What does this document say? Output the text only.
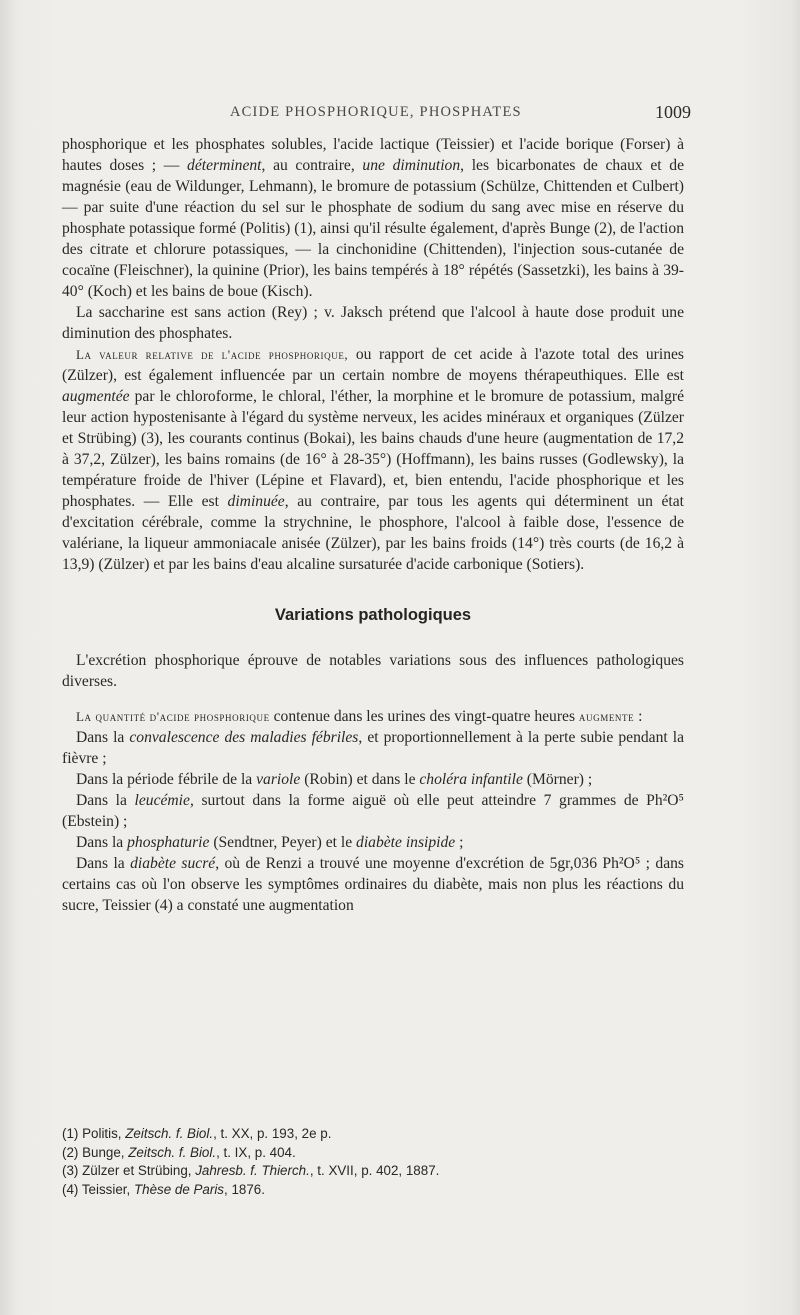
ACIDE PHOSPHORIQUE, PHOSPHATES	1009

phosphorique et les phosphates solubles, l'acide lactique (Teissier) et l'acide borique (Forser) à hautes doses ; — déterminent, au contraire, une diminution, les bicarbonates de chaux et de magnésie (eau de Wildunger, Lehmann), le bromure de potassium (Schülze, Chittenden et Culbert) — par suite d'une réaction du sel sur le phosphate de sodium du sang avec mise en réserve du phosphate potassique formé (Politis) (1), ainsi qu'il résulte également, d'après Bunge (2), de l'action des citrate et chlorure potassiques, — la cinchonidine (Chittenden), l'injection sous-cutanée de cocaïne (Fleischner), la quinine (Prior), les bains tempérés à 18° répétés (Sassetzki), les bains à 39-40° (Koch) et les bains de boue (Kisch).

La saccharine est sans action (Rey) ; v. Jaksch prétend que l'alcool à haute dose produit une diminution des phosphates.

La valeur relative de l'acide phosphorique, ou rapport de cet acide à l'azote total des urines (Zülzer), est également influencée par un certain nombre de moyens thérapeuthiques. Elle est augmentée par le chloroforme, le chloral, l'éther, la morphine et le bromure de potassium, malgré leur action hypostenisante à l'égard du système nerveux, les acides minéraux et organiques (Zülzer et Strübing) (3), les courants continus (Bokai), les bains chauds d'une heure (augmentation de 17,2 à 37,2, Zülzer), les bains romains (de 16° à 28-35°) (Hoffmann), les bains russes (Godlewsky), la température froide de l'hiver (Lépine et Flavard), et, bien entendu, l'acide phosphorique et les phosphates. — Elle est diminuée, au contraire, par tous les agents qui déterminent un état d'excitation cérébrale, comme la strychnine, le phosphore, l'alcool à faible dose, l'essence de valériane, la liqueur ammoniacale anisée (Zülzer), par les bains froids (14°) très courts (de 16,2 à 13,9) (Zülzer) et par les bains d'eau alcaline sursaturée d'acide carbonique (Sotiers).

Variations pathologiques

L'excrétion phosphorique éprouve de notables variations sous des influences pathologiques diverses.

La quantité d'acide phosphorique contenue dans les urines des vingt-quatre heures augmente :

Dans la convalescence des maladies fébriles, et proportionnellement à la perte subie pendant la fièvre ;

Dans la période fébrile de la variole (Robin) et dans le choléra infantile (Mörner) ;

Dans la leucémie, surtout dans la forme aiguë où elle peut atteindre 7 grammes de Ph²O⁵ (Ebstein) ;

Dans la phosphaturie (Sendtner, Peyer) et le diabète insipide ;

Dans la diabète sucré, où de Renzi a trouvé une moyenne d'excrétion de 5gr,036 Ph²O⁵ ; dans certains cas où l'on observe les symptômes ordinaires du diabète, mais non plus les réactions du sucre, Teissier (4) a constaté une augmentation

(1) Politis, Zeitsch. f. Biol., t. XX, p. 193, 2e p.
(2) Bunge, Zeitsch. f. Biol., t. IX, p. 404.
(3) Zülzer et Strübing, Jahresb. f. Thierch., t. XVII, p. 402, 1887.
(4) Teissier, Thèse de Paris, 1876.
